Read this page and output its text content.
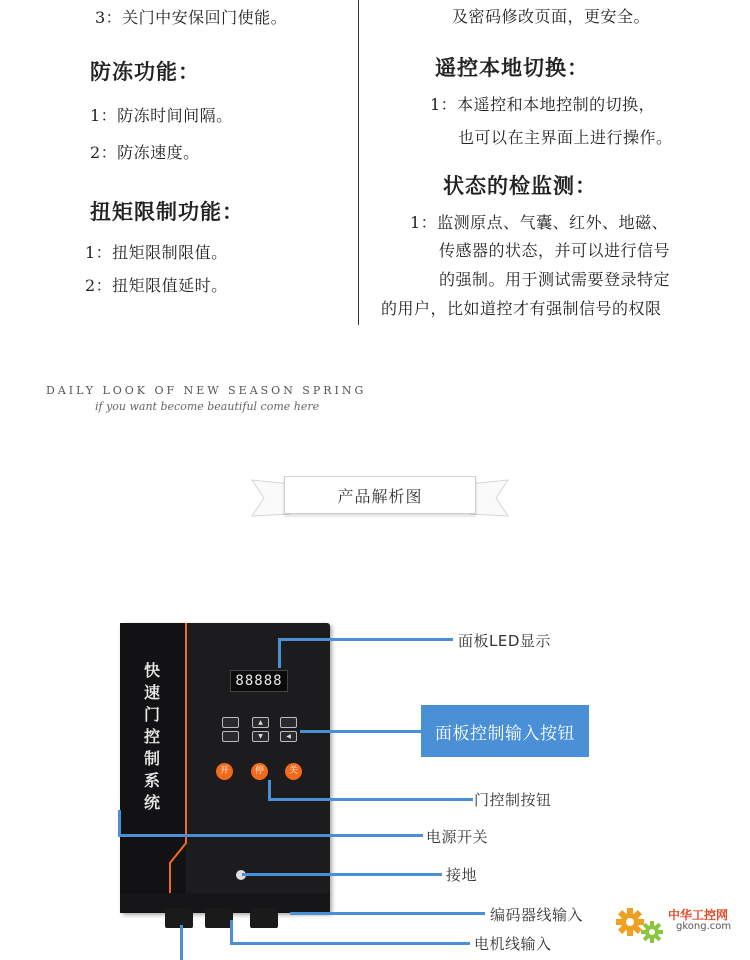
3：关门中安保回门使能。
防冻功能：
1：防冻时间间隔。
2：防冻速度。
扭矩限制功能：
1：扭矩限制限值。
2：扭矩限值延时。
及密码修改页面，更安全。
遥控本地切换：
1：本遥控和本地控制的切换，
也可以在主界面上进行操作。
状态的检监测：
1：监测原点、气囊、红外、地磁、
传感器的状态，并可以进行信号
的强制。用于测试需要登录特定
的用户，比如道控才有强制信号的权限
DAILY LOOK OF NEW SEASON SPRING
if you want become beautiful come here
产品解析图
快速门控制系统
88888
▲
▼	◀
开	停	关
面板LED显示
面板控制输入按钮
门控制按钮
电源开关
接地
编码器线输入
电机线输入
中华工控网
gkong.com
